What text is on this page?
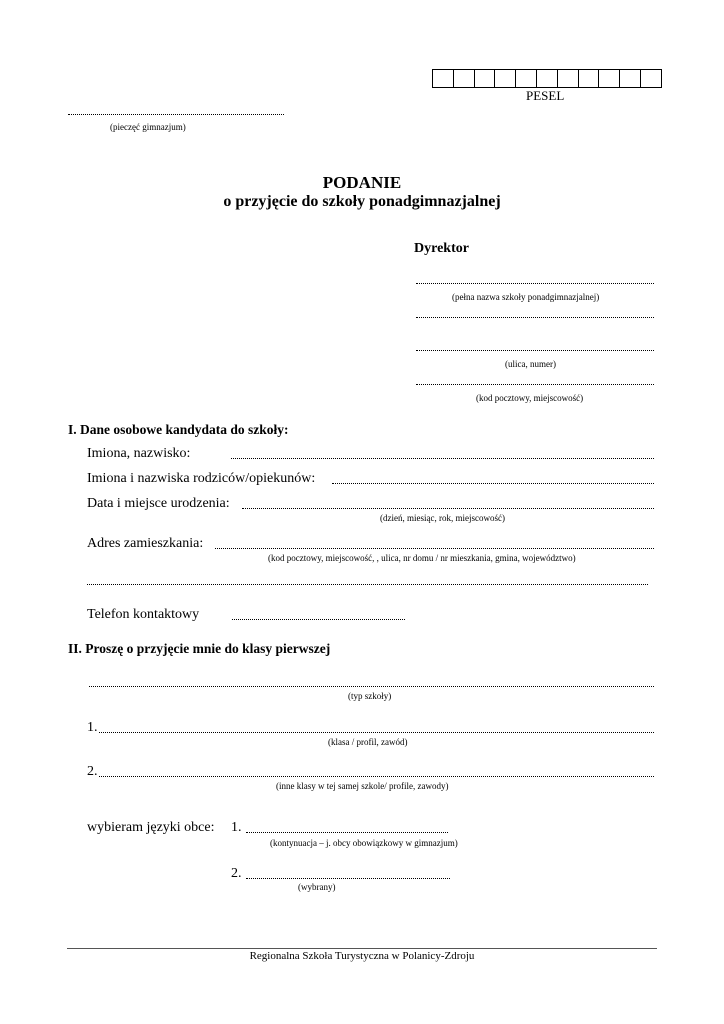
PESEL
(pieczęć gimnazjum)
PODANIE
o przyjęcie do szkoły ponadgimnazjalnej
Dyrektor
(pełna nazwa szkoły ponadgimnazjalnej)
(ulica, numer)
(kod pocztowy, miejscowość)
I. Dane osobowe kandydata do szkoły:
Imiona, nazwisko:
Imiona i nazwiska rodziców/opiekunów:
Data i miejsce urodzenia:
(dzień, miesiąc, rok, miejscowość)
Adres zamieszkania:
(kod pocztowy, miejscowość, , ulica, nr domu / nr mieszkania, gmina, województwo)
Telefon kontaktowy
II. Proszę o przyjęcie mnie do klasy pierwszej
(typ szkoły)
1.
(klasa / profil, zawód)
2.
(inne klasy w tej samej szkole/ profile, zawody)
wybieram języki obce: 1.
(kontynuacja – j. obcy obowiązkowy w gimnazjum)
2.
(wybrany)
Regionalna Szkoła Turystyczna w Polanicy-Zdroju
